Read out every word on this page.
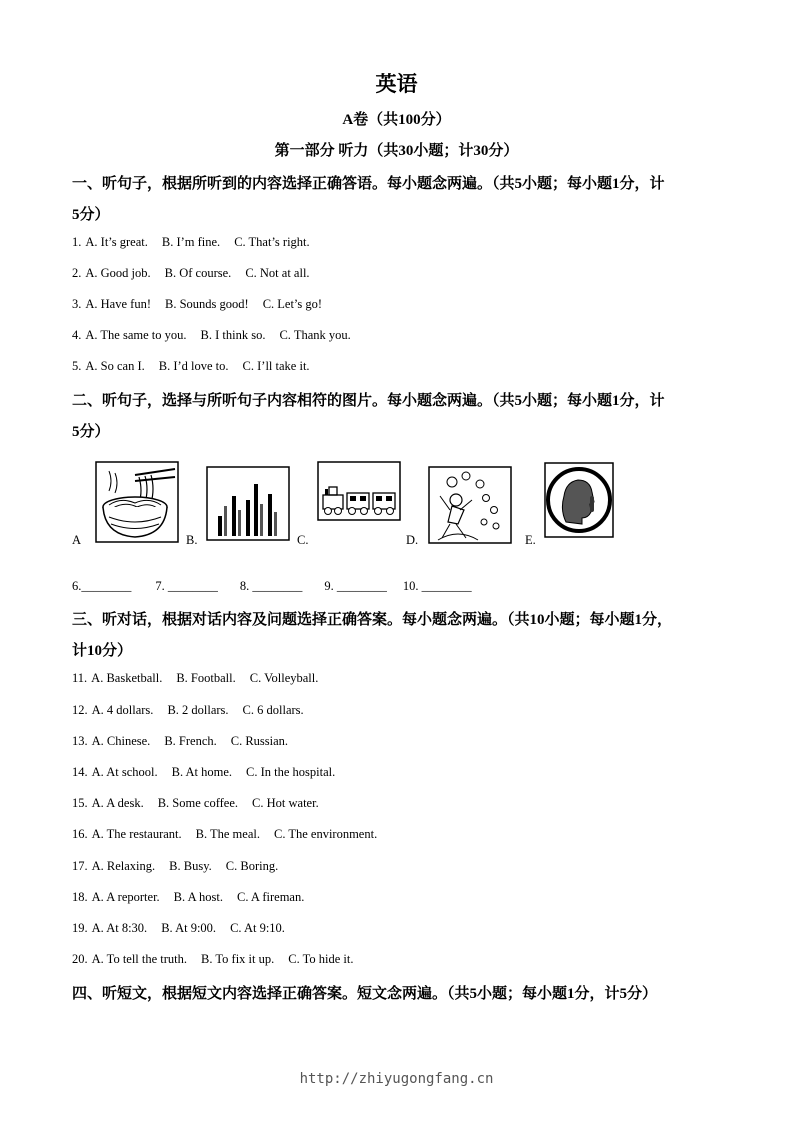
英语
A卷（共100分）
第一部分 听力（共30小题；计30分）
一、听句子，根据所听到的内容选择正确答语。每小题念两遍。（共5小题；每小题1分，计
5分）
1. A. It’s great. B. I’m fine. C. That’s right.
2. A. Good job. B. Of course. C. Not at all.
3. A. Have fun! B. Sounds good! C. Let’s go!
4. A. The same to you. B. I think so. C. Thank you.
5. A. So can I. B. I’d love to. C. I’ll take it.
二、听句子，选择与所听句子内容相符的图片。每小题念两遍。（共5小题；每小题1分，计
5分）
A	B.	C.	D.	E.
6.________ 7. ________ 8. ________ 9. ________ 10. ________
三、听对话，根据对话内容及问题选择正确答案。每小题念两遍。（共10小题；每小题1分，
计10分）
11. A. Basketball. B. Football. C. Volleyball.
12. A. 4 dollars. B. 2 dollars. C. 6 dollars.
13. A. Chinese. B. French. C. Russian.
14. A. At school. B. At home. C. In the hospital.
15. A. A desk. B. Some coffee. C. Hot water.
16. A. The restaurant. B. The meal. C. The environment.
17. A. Relaxing. B. Busy. C. Boring.
18. A. A reporter. B. A host. C. A fireman.
19. A. At 8:30. B. At 9:00. C. At 9:10.
20. A. To tell the truth. B. To fix it up. C. To hide it.
四、听短文，根据短文内容选择正确答案。短文念两遍。（共5小题；每小题1分，计5分）
http://zhiyugongfang.cn
